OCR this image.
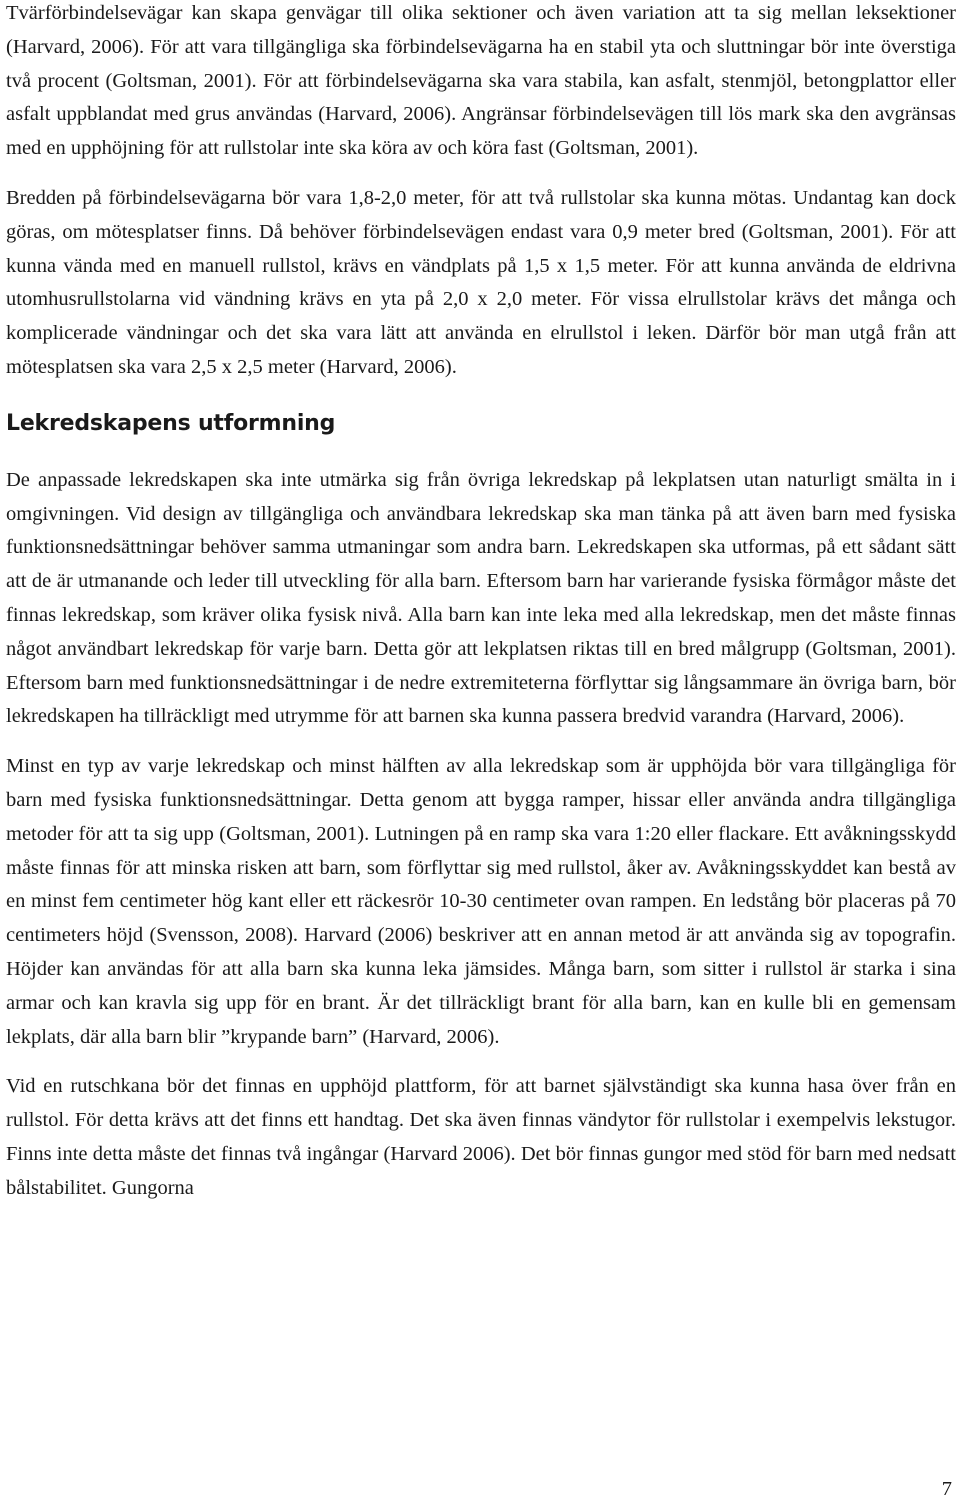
Tvärförbindelsevägar kan skapa genvägar till olika sektioner och även variation att ta sig mellan leksektioner (Harvard, 2006). För att vara tillgängliga ska förbindelsevägarna ha en stabil yta och sluttningar bör inte överstiga två procent (Goltsman, 2001). För att förbindelsevägarna ska vara stabila, kan asfalt, stenmjöl, betongplattor eller asfalt uppblandat med grus användas (Harvard, 2006). Angränsar förbindelsevägen till lös mark ska den avgränsas med en upphöjning för att rullstolar inte ska köra av och köra fast (Goltsman, 2001).

Bredden på förbindelsevägarna bör vara 1,8-2,0 meter, för att två rullstolar ska kunna mötas. Undantag kan dock göras, om mötesplatser finns. Då behöver förbindelsevägen endast vara 0,9 meter bred (Goltsman, 2001). För att kunna vända med en manuell rullstol, krävs en vändplats på 1,5 x 1,5 meter. För att kunna använda de eldrivna utomhusrullstolarna vid vändning krävs en yta på 2,0 x 2,0 meter. För vissa elrullstolar krävs det många och komplicerade vändningar och det ska vara lätt att använda en elrullstol i leken. Därför bör man utgå från att mötesplatsen ska vara 2,5 x 2,5 meter (Harvard, 2006).

Lekredskapens utformning

De anpassade lekredskapen ska inte utmärka sig från övriga lekredskap på lekplatsen utan naturligt smälta in i omgivningen. Vid design av tillgängliga och användbara lekredskap ska man tänka på att även barn med fysiska funktionsnedsättningar behöver samma utmaningar som andra barn. Lekredskapen ska utformas, på ett sådant sätt att de är utmanande och leder till utveckling för alla barn. Eftersom barn har varierande fysiska förmågor måste det finnas lekredskap, som kräver olika fysisk nivå. Alla barn kan inte leka med alla lekredskap, men det måste finnas något användbart lekredskap för varje barn. Detta gör att lekplatsen riktas till en bred målgrupp (Goltsman, 2001). Eftersom barn med funktionsnedsättningar i de nedre extremiteterna förflyttar sig långsammare än övriga barn, bör lekredskapen ha tillräckligt med utrymme för att barnen ska kunna passera bredvid varandra (Harvard, 2006).

Minst en typ av varje lekredskap och minst hälften av alla lekredskap som är upphöjda bör vara tillgängliga för barn med fysiska funktionsnedsättningar. Detta genom att bygga ramper, hissar eller använda andra tillgängliga metoder för att ta sig upp (Goltsman, 2001). Lutningen på en ramp ska vara 1:20 eller flackare. Ett avåkningsskydd måste finnas för att minska risken att barn, som förflyttar sig med rullstol, åker av. Avåkningsskyddet kan bestå av en minst fem centimeter hög kant eller ett räckesrör 10-30 centimeter ovan rampen. En ledstång bör placeras på 70 centimeters höjd (Svensson, 2008). Harvard (2006) beskriver att en annan metod är att använda sig av topografin. Höjder kan användas för att alla barn ska kunna leka jämsides. Många barn, som sitter i rullstol är starka i sina armar och kan kravla sig upp för en brant. Är det tillräckligt brant för alla barn, kan en kulle bli en gemensam lekplats, där alla barn blir ”krypande barn” (Harvard, 2006).

Vid en rutschkana bör det finnas en upphöjd plattform, för att barnet självständigt ska kunna hasa över från en rullstol. För detta krävs att det finns ett handtag. Det ska även finnas vändytor för rullstolar i exempelvis lekstugor. Finns inte detta måste det finnas två ingångar (Harvard 2006). Det bör finnas gungor med stöd för barn med nedsatt bålstabilitet. Gungorna

7
